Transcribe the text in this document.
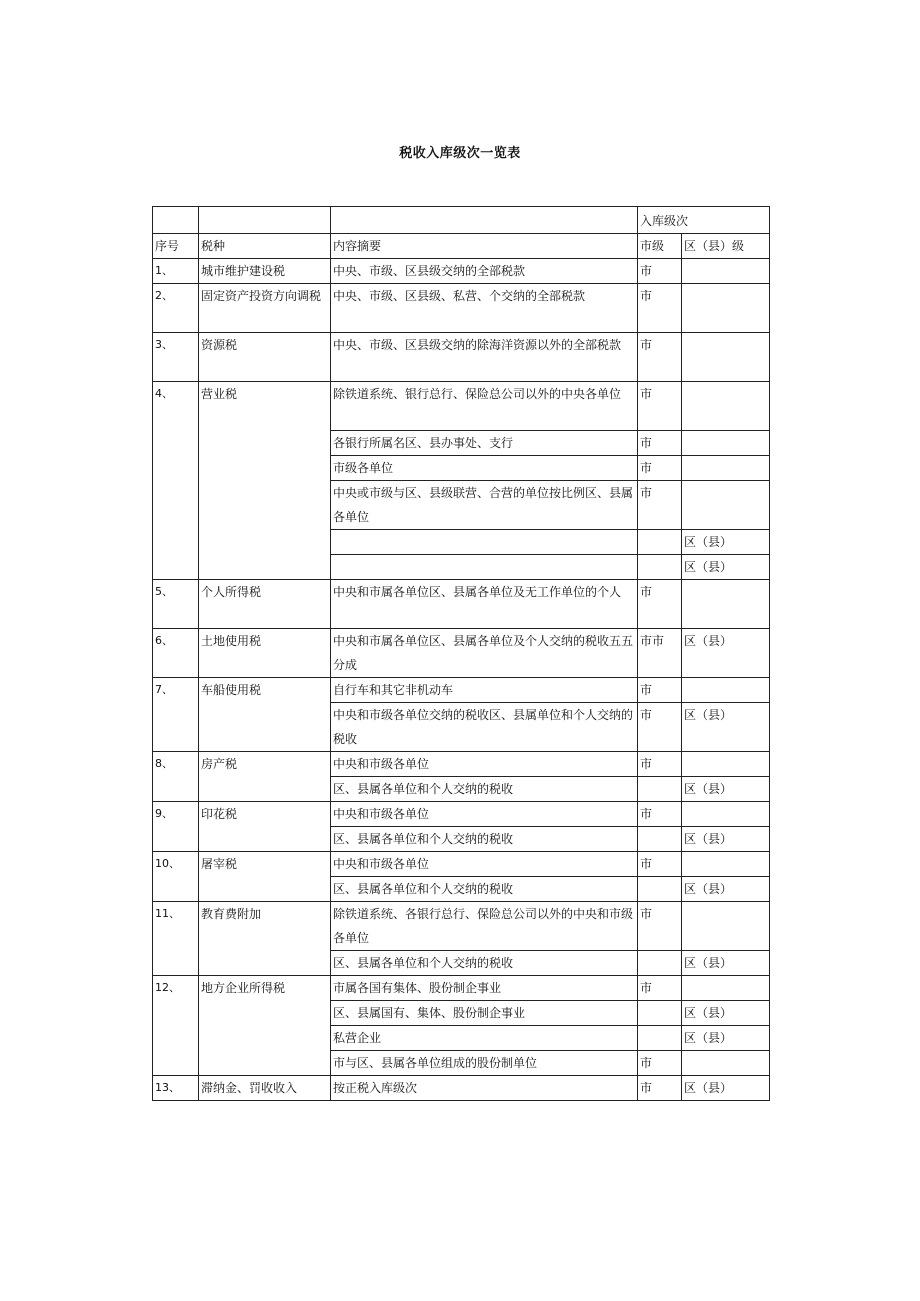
税收入库级次一览表
			入库级次	
序号	税种	内容摘要	市级	区（县）级
1、	城市维护建设税	中央、市级、区县级交纳的全部税款	市	
2、	固定资产投资方向调税	中央、市级、区县级、私营、个交纳的全部税款	市	
3、	资源税	中央、市级、区县级交纳的除海洋资源以外的全部税款	市	
4、	营业税	除铁道系统、银行总行、保险总公司以外的中央各单位	市	
		各银行所属名区、县办事处、支行	市	
		市级各单位	市	
		中央或市级与区、县级联营、合营的单位按比例区、县属各单位	市	
				区（县）
				区（县）
5、	个人所得税	中央和市属各单位区、县属各单位及无工作单位的个人	市	
6、	土地使用税	中央和市属各单位区、县属各单位及个人交纳的税收五五分成	市市	区（县）
7、	车船使用税	自行车和其它非机动车	市	
		中央和市级各单位交纳的税收区、县属单位和个人交纳的税收	市	区（县）
8、	房产税	中央和市级各单位	市	
		区、县属各单位和个人交纳的税收		区（县）
9、	印花税	中央和市级各单位	市	
		区、县属各单位和个人交纳的税收		区（县）
10、	屠宰税	中央和市级各单位	市	
		区、县属各单位和个人交纳的税收		区（县）
11、	教育费附加	除铁道系统、各银行总行、保险总公司以外的中央和市级各单位	市	
		区、县属各单位和个人交纳的税收		区（县）
12、	地方企业所得税	市属各国有集体、股份制企事业	市	
		区、县属国有、集体、股份制企事业		区（县）
		私营企业		区（县）
		市与区、县属各单位组成的股份制单位	市	
13、	滞纳金、罚收收入	按正税入库级次	市	区（县）
